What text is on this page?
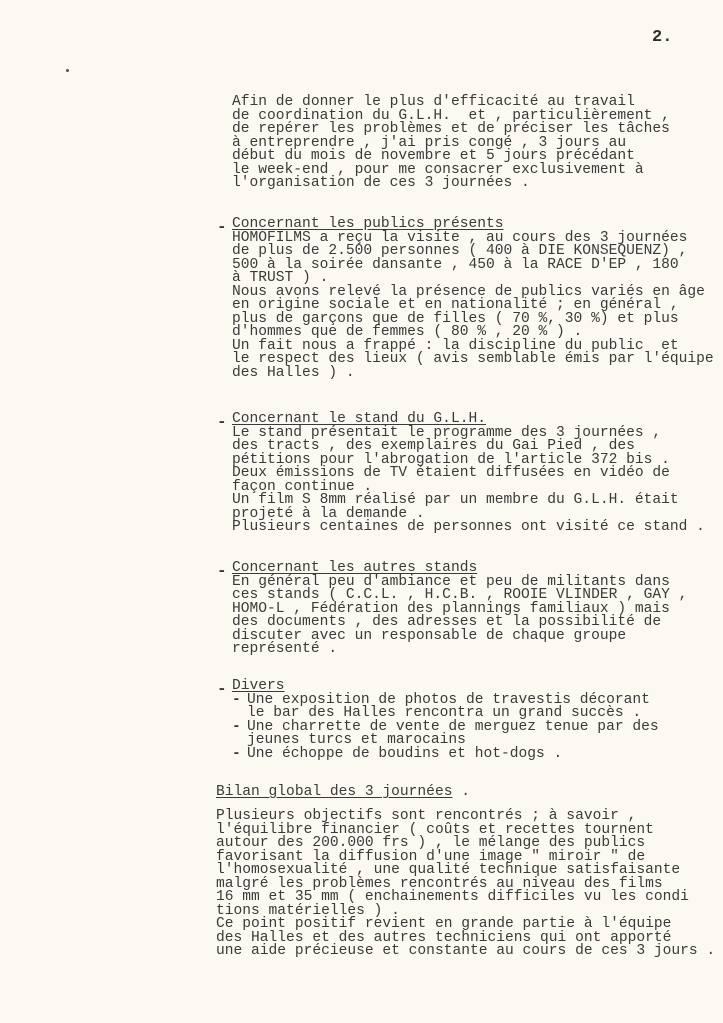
2.
Afin de donner le plus d'efficacité au travail
de coordination du G.L.H.  et , particulièrement ,
de repérer les problèmes et de préciser les tâches
à entreprendre , j'ai pris congé , 3 jours au
début du mois de novembre et 5 jours précédant
le week-end , pour me consacrer exclusivement à
l'organisation de ces 3 journées .
- Concernant les publics présents
HOMOFILMS a reçu la visite , au cours des 3 journées
de plus de 2.500 personnes ( 400 à DIE KONSEQUENZ) ,
500 à la soirée dansante , 450 à la RACE D'EP , 180
à TRUST ) .
Nous avons relevé la présence de publics variés en âge
en origine sociale et en nationalité ; en général ,
plus de garçons que de filles ( 70 %, 30 %) et plus
d'hommes que de femmes ( 80 % , 20 % ) .
Un fait nous a frappé : la discipline du public  et
le respect des lieux ( avis semblable émis par l'équipe
des Halles ) .
- Concernant le stand du G.L.H.
Le stand présentait le programme des 3 journées ,
des tracts , des exemplaires du Gai Pied , des
pétitions pour l'abrogation de l'article 372 bis .
Deux émissions de TV étaient diffusées en vidéo de
façon continue .
Un film S 8mm réalisé par un membre du G.L.H. était
projeté à la demande .
Plusieurs centaines de personnes ont visité ce stand .
- Concernant les autres stands
En général peu d'ambiance et peu de militants dans
ces stands ( C.C.L. , H.C.B. , ROOIE VLINDER , GAY ,
HOMO-L , Fédération des plannings familiaux ) mais
des documents , des adresses et la possibilité de
discuter avec un responsable de chaque groupe
représenté .
- Divers
- Une exposition de photos de travestis décorant
le bar des Halles rencontra un grand succès .
- Une charrette de vente de merguez tenue par des
jeunes turcs et marocains
- Une échoppe de boudins et hot-dogs .
Bilan global des 3 journées .
Plusieurs objectifs sont rencontrés ; à savoir ,
l'équilibre financier ( coûts et recettes tournent
autour des 200.000 frs ) , le mélange des publics
favorisant la diffusion d'une image " miroir " de
l'homosexualité , une qualité technique satisfaisante
malgré les problèmes rencontrés au niveau des films
16 mm et 35 mm ( enchainements difficiles vu les condi
tions matérielles ) .
Ce point positif revient en grande partie à l'équipe
des Halles et des autres techniciens qui ont apporté
une aide précieuse et constante au cours de ces 3 jours .
